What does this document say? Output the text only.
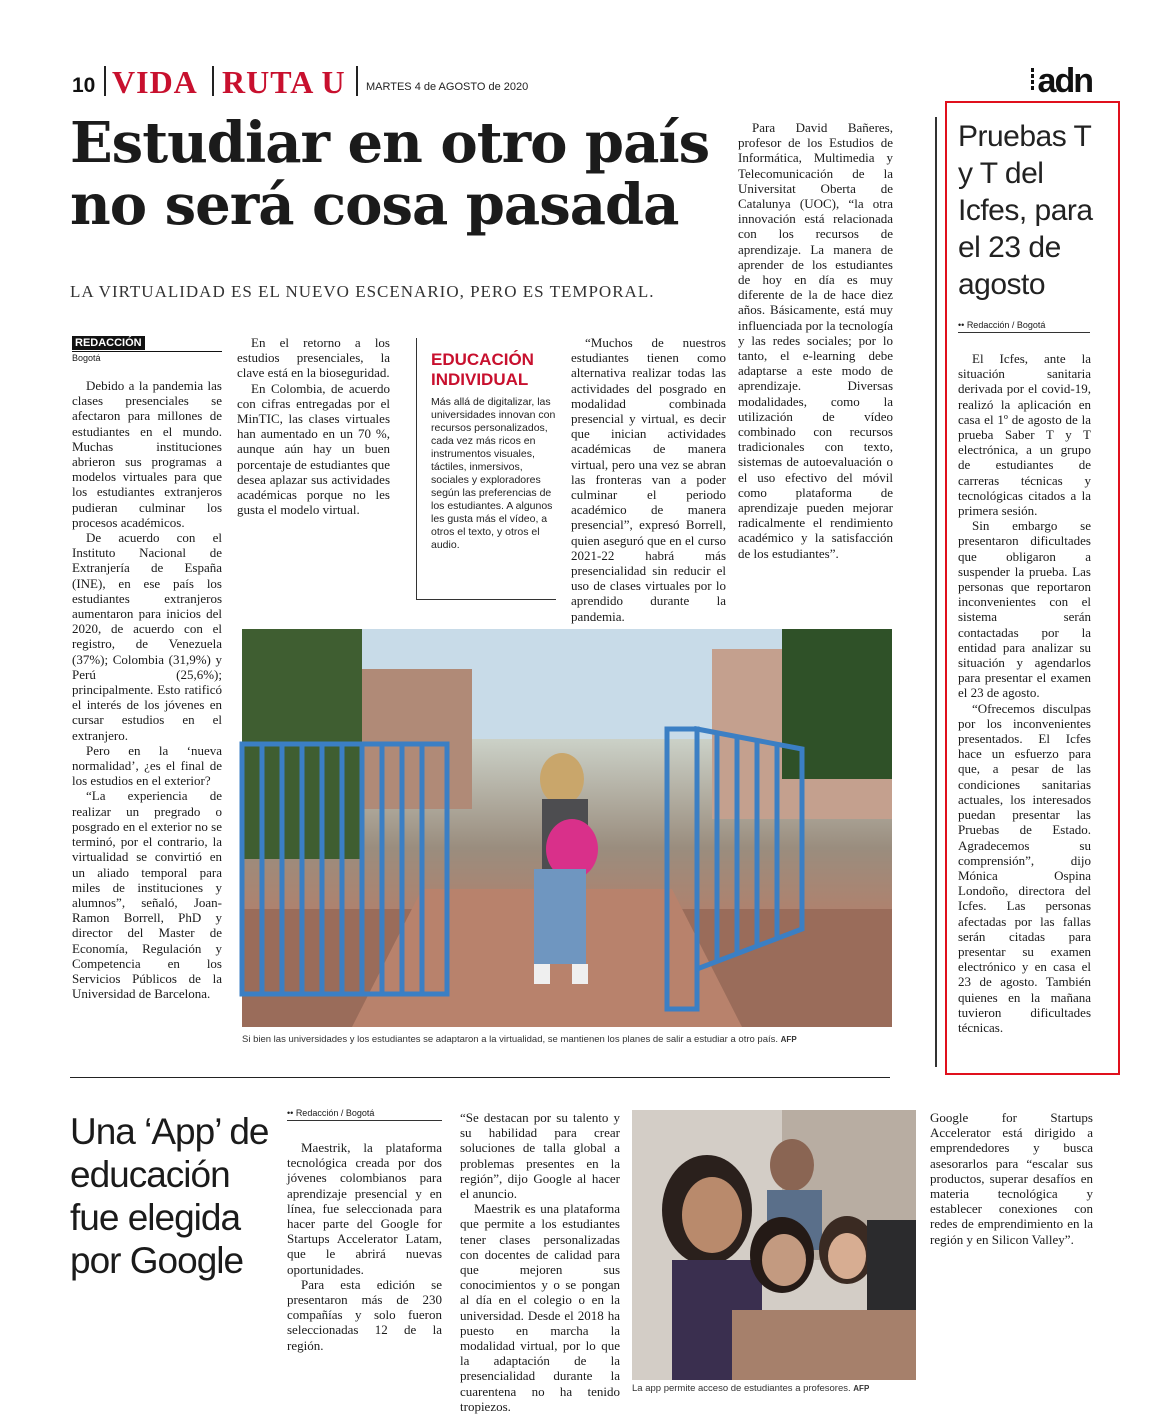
10 VIDA RUTA U MARTES 4 de AGOSTO de 2020	adn
Estudiar en otro país no será cosa pasada
LA VIRTUALIDAD ES EL NUEVO ESCENARIO, PERO ES TEMPORAL.
REDACCIÓN
Bogotá

Debido a la pandemia las clases presenciales se afectaron para millones de estudiantes en el mundo. Muchas instituciones abrieron sus programas a modelos virtuales para que los estudiantes extranjeros pudieran culminar los procesos académicos.

De acuerdo con el Instituto Nacional de Extranjería de España (INE), en ese país los estudiantes extranjeros aumentaron para inicios del 2020, de acuerdo con el registro, de Venezuela (37%); Colombia (31,9%) y Perú (25,6%); principalmente. Esto ratificó el interés de los jóvenes en cursar estudios en el extranjero.

Pero en la ‘nueva normalidad’, ¿es el final de los estudios en el exterior?

“La experiencia de realizar un pregrado o posgrado en el exterior no se terminó, por el contrario, la virtualidad se convirtió en un aliado temporal para miles de instituciones y alumnos”, señaló, Joan-Ramon Borrell, PhD y director del Master de Economía, Regulación y Competencia en los Servicios Públicos de la Universidad de Barcelona.

En el retorno a los estudios presenciales, la clave está en la bioseguridad.

En Colombia, de acuerdo con cifras entregadas por el MinTIC, las clases virtuales han aumentado en un 70 %, aunque aún hay un buen porcentaje de estudiantes que desea aplazar sus actividades académicas porque no les gusta el modelo virtual.

EDUCACIÓN INDIVIDUAL
Más allá de digitalizar, las universidades innovan con recursos personalizados, cada vez más ricos en instrumentos visuales, táctiles, inmersivos, sociales y exploradores según las preferencias de los estudiantes. A algunos les gusta más el vídeo, a otros el texto, y otros el audio.

“Muchos de nuestros estudiantes tienen como alternativa realizar todas las actividades del posgrado en modalidad combinada presencial y virtual, es decir que inician actividades académicas de manera virtual, pero una vez se abran las fronteras van a poder culminar el periodo académico de manera presencial”, expresó Borrell, quien aseguró que en el curso 2021-22 habrá más presencialidad sin reducir el uso de clases virtuales por lo aprendido durante la pandemia.

Para David Bañeres, profesor de los Estudios de Informática, Multimedia y Telecomunicación de la Universitat Oberta de Catalunya (UOC), “la otra innovación está relacionada con los recursos de aprendizaje. La manera de aprender de los estudiantes de hoy en día es muy diferente de la de hace diez años. Básicamente, está muy influenciada por la tecnología y las redes sociales; por lo tanto, el e-learning debe adaptarse a este modo de aprendizaje. Diversas modalidades, como la utilización de vídeo combinado con recursos tradicionales con texto, sistemas de autoevaluación o el uso efectivo del móvil como plataforma de aprendizaje pueden mejorar radicalmente el rendimiento académico y la satisfacción de los estudiantes”.

Si bien las universidades y los estudiantes se adaptaron a la virtualidad, se mantienen los planes de salir a estudiar a otro país. AFP
Pruebas T y T del Icfes, para el 23 de agosto
•• Redacción / Bogotá

El Icfes, ante la situación sanitaria derivada por el covid-19, realizó la aplicación en casa el 1º de agosto de la prueba Saber T y T electrónica, a un grupo de estudiantes de carreras técnicas y tecnológicas citados a la primera sesión.

Sin embargo se presentaron dificultades que obligaron a suspender la prueba. Las personas que reportaron inconvenientes con el sistema serán contactadas por la entidad para analizar su situación y agendarlos para presentar el examen el 23 de agosto.

“Ofrecemos disculpas por los inconvenientes presentados. El Icfes hace un esfuerzo para que, a pesar de las condiciones sanitarias actuales, los interesados puedan presentar las Pruebas de Estado. Agradecemos su comprensión”, dijo Mónica Ospina Londoño, directora del Icfes. Las personas afectadas por las fallas serán citadas para presentar su examen electrónico y en casa el 23 de agosto. También quienes en la mañana tuvieron dificultades técnicas.

Una ‘App’ de educación fue elegida por Google
•• Redacción / Bogotá

Maestrik, la plataforma tecnológica creada por dos jóvenes colombianos para aprendizaje presencial y en línea, fue seleccionada para hacer parte del Google for Startups Accelerator Latam, que le abrirá nuevas oportunidades.

Para esta edición se presentaron más de 230 compañías y solo fueron seleccionadas 12 de la región.

“Se destacan por su talento y su habilidad para crear soluciones de talla global a problemas presentes en la región”, dijo Google al hacer el anuncio.

Maestrik es una plataforma que permite a los estudiantes tener clases personalizadas con docentes de calidad para que mejoren sus conocimientos y o se pongan al día en el colegio o en la universidad. Desde el 2018 ha puesto en marcha la modalidad virtual, por lo que la adaptación de la presencialidad durante la cuarentena no ha tenido tropiezos.

La app permite acceso de estudiantes a profesores. AFP

Google for Startups Accelerator está dirigido a emprendedores y busca asesorarlos para “escalar sus productos, superar desafíos en materia tecnológica y establecer conexiones con redes de emprendimiento en la región y en Silicon Valley”.
